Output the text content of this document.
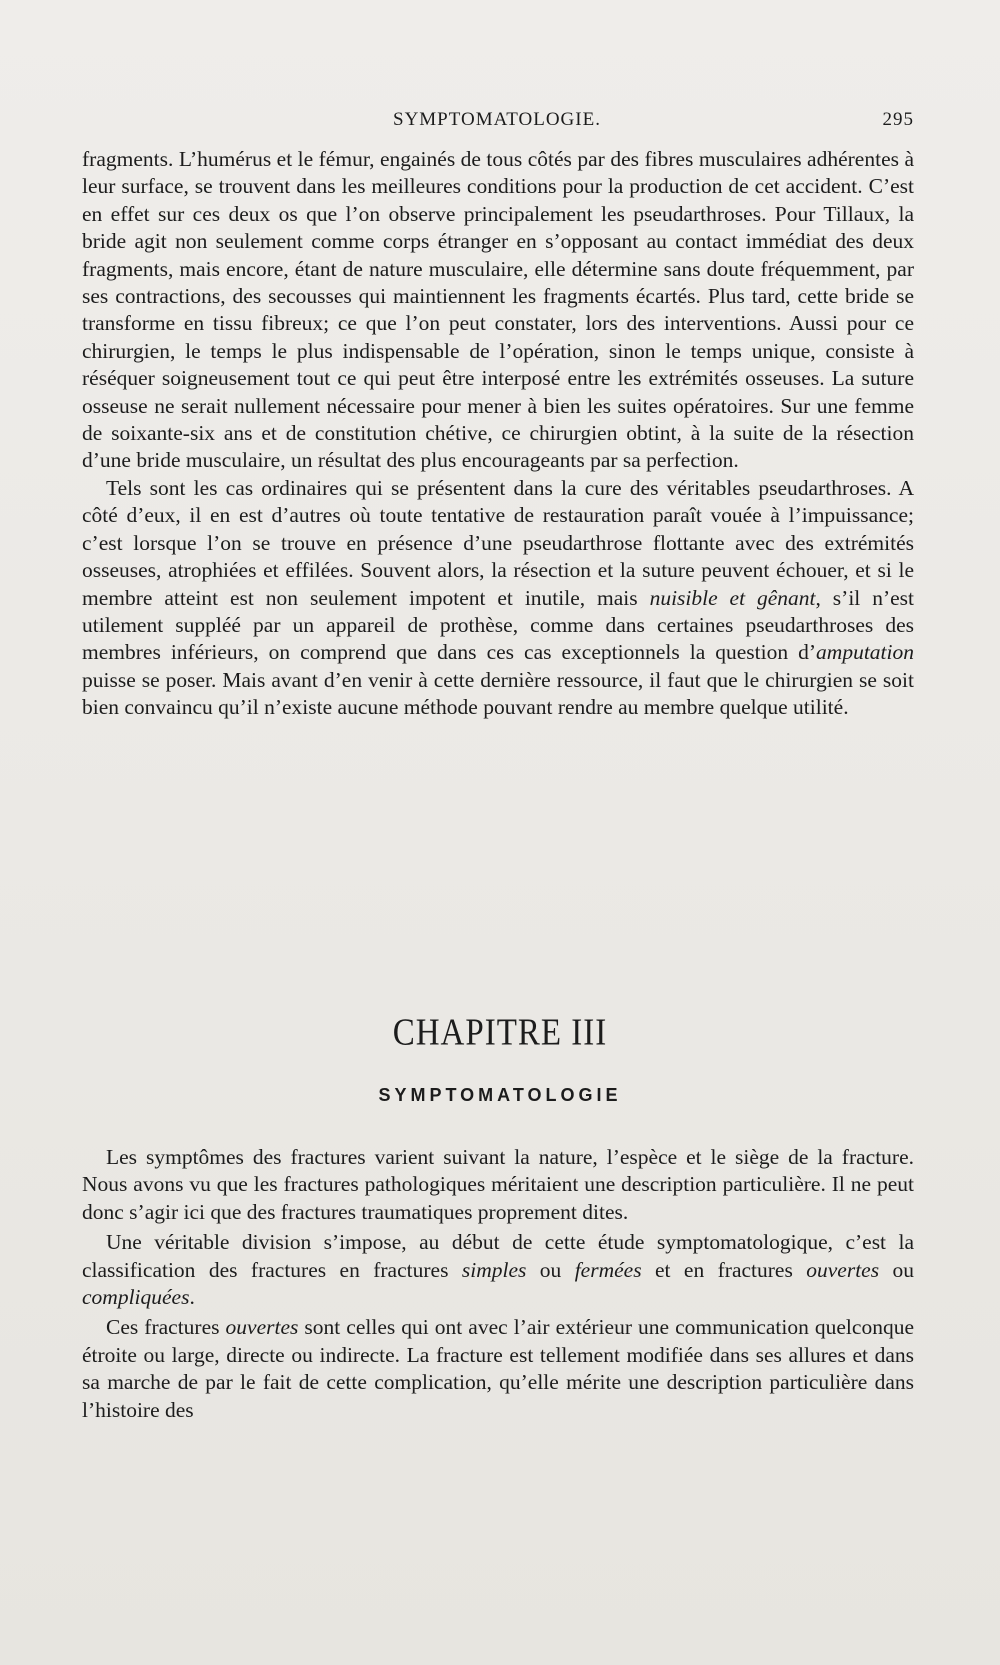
SYMPTOMATOLOGIE.	295

fragments. L’humérus et le fémur, engainés de tous côtés par des fibres musculaires adhérentes à leur surface, se trouvent dans les meilleures conditions pour la production de cet accident. C’est en effet sur ces deux os que l’on observe principalement les pseudarthroses. Pour Tillaux, la bride agit non seulement comme corps étranger en s’opposant au contact immédiat des deux fragments, mais encore, étant de nature musculaire, elle détermine sans doute fréquemment, par ses contractions, des secousses qui maintiennent les fragments écartés. Plus tard, cette bride se transforme en tissu fibreux; ce que l’on peut constater, lors des interventions. Aussi pour ce chirurgien, le temps le plus indispensable de l’opération, sinon le temps unique, consiste à réséquer soigneusement tout ce qui peut être interposé entre les extrémités osseuses. La suture osseuse ne serait nullement nécessaire pour mener à bien les suites opératoires. Sur une femme de soixante-six ans et de constitution chétive, ce chirurgien obtint, à la suite de la résection d’une bride musculaire, un résultat des plus encourageants par sa perfection.

Tels sont les cas ordinaires qui se présentent dans la cure des véritables pseudarthroses. A côté d’eux, il en est d’autres où toute tentative de restauration paraît vouée à l’impuissance; c’est lorsque l’on se trouve en présence d’une pseudarthrose flottante avec des extrémités osseuses, atrophiées et effilées. Souvent alors, la résection et la suture peuvent échouer, et si le membre atteint est non seulement impotent et inutile, mais nuisible et gênant, s’il n’est utilement suppléé par un appareil de prothèse, comme dans certaines pseudarthroses des membres inférieurs, on comprend que dans ces cas exceptionnels la question d’amputation puisse se poser. Mais avant d’en venir à cette dernière ressource, il faut que le chirurgien se soit bien convaincu qu’il n’existe aucune méthode pouvant rendre au membre quelque utilité.

CHAPITRE III
SYMPTOMATOLOGIE

Les symptômes des fractures varient suivant la nature, l’espèce et le siège de la fracture. Nous avons vu que les fractures pathologiques méritaient une description particulière. Il ne peut donc s’agir ici que des fractures traumatiques proprement dites.

Une véritable division s’impose, au début de cette étude symptomatologique, c’est la classification des fractures en fractures simples ou fermées et en fractures ouvertes ou compliquées.

Ces fractures ouvertes sont celles qui ont avec l’air extérieur une communication quelconque étroite ou large, directe ou indirecte. La fracture est tellement modifiée dans ses allures et dans sa marche de par le fait de cette complication, qu’elle mérite une description particulière dans l’histoire des
